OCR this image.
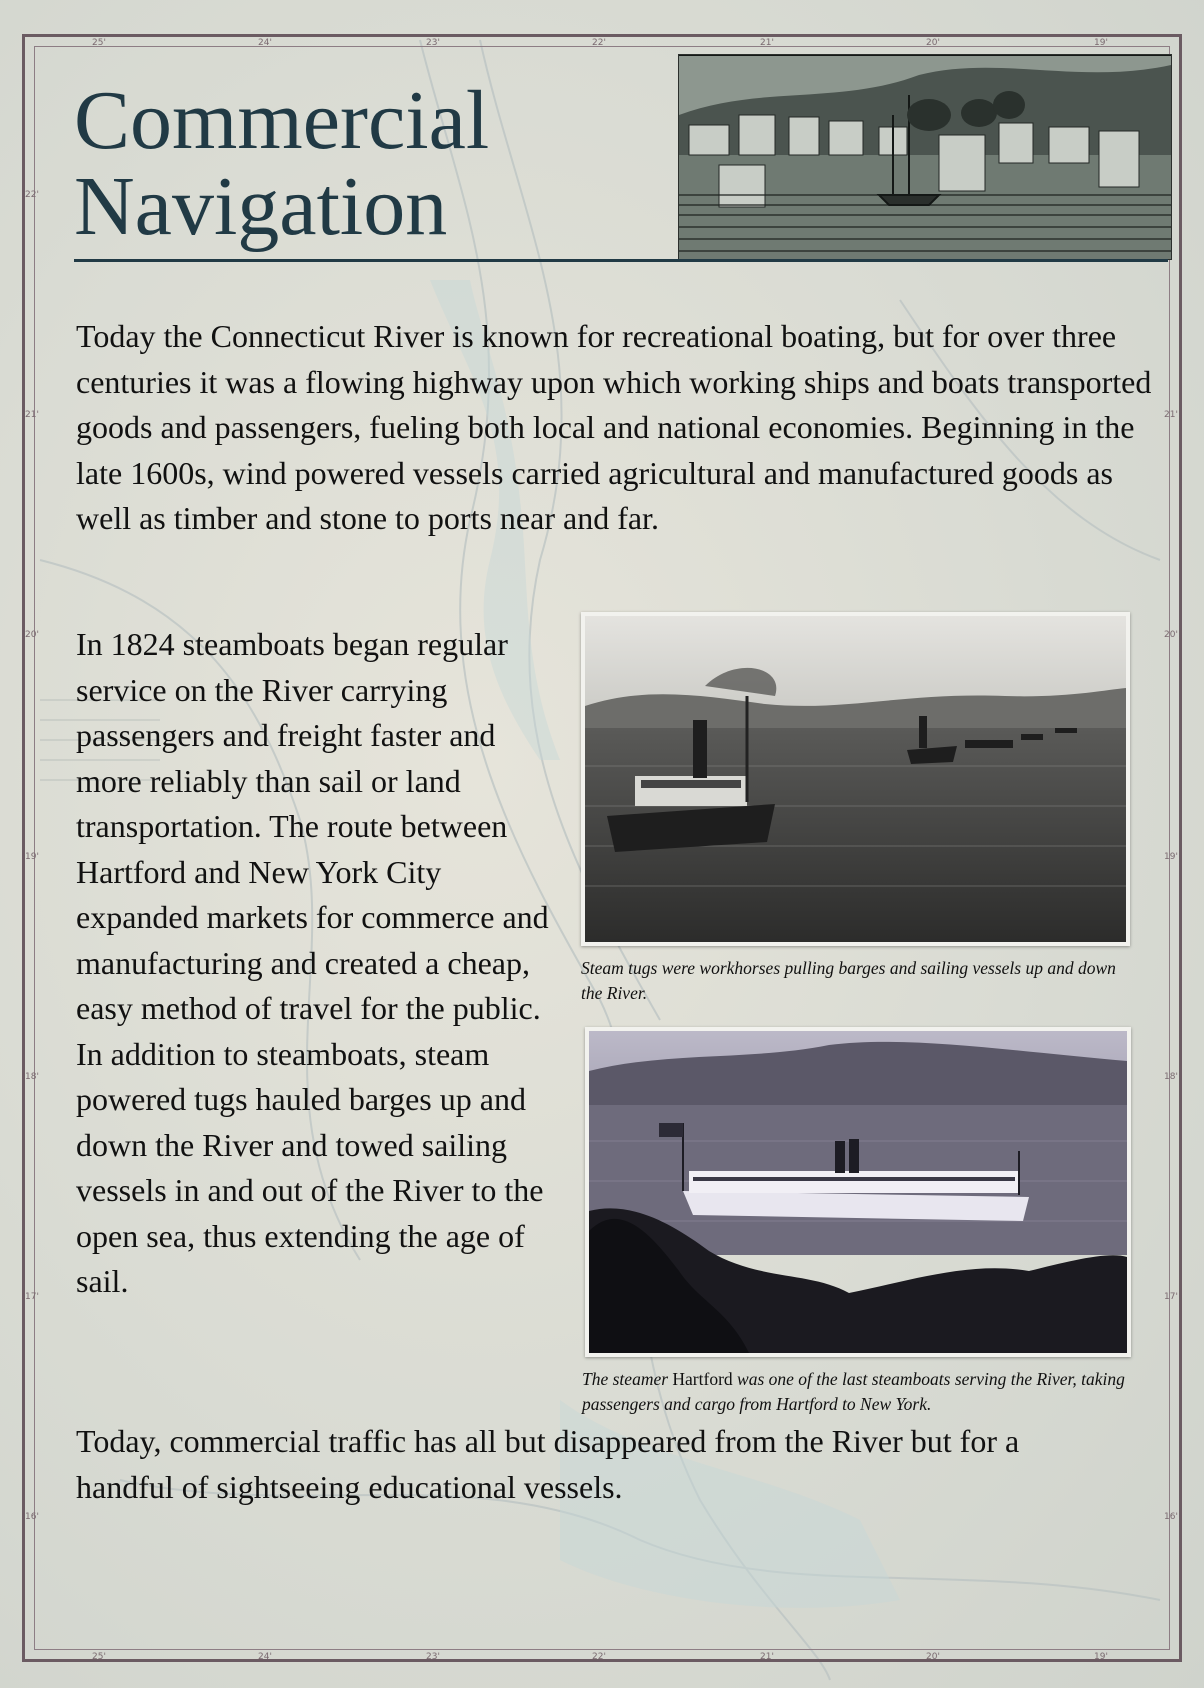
25'	24'	23'	22'	21'	20'	19'
25'	24'	23'	22'	21'	20'	19'
22'
21'
20'
19'
18'
17'
16'
21'
20'
19'
18'
17'
16'
Commercial
Navigation

Today the Connecticut River is known for recreational boating, but for over three centuries it was a flowing highway upon which working ships and boats transported goods and passengers, fueling both local and national economies. Beginning in the late 1600s, wind powered vessels carried agricultural and manufactured goods as well as timber and stone to ports near and far.

In 1824 steamboats began regular service on the River carrying passengers and freight faster and more reliably than sail or land transportation. The route between Hartford and New York City expanded markets for commerce and manufacturing and created a cheap, easy method of travel for the public. In addition to steamboats, steam powered tugs hauled barges up and down the River and towed sailing vessels in and out of the River to the open sea, thus extending the age of sail.

Today, commercial traffic has all but disappeared from the River but for a handful of sightseeing educational vessels.

Steam tugs were workhorses pulling barges and sailing vessels up and down the River.

The steamer Hartford was one of the last steamboats serving the River, taking passengers and cargo from Hartford to New York.
